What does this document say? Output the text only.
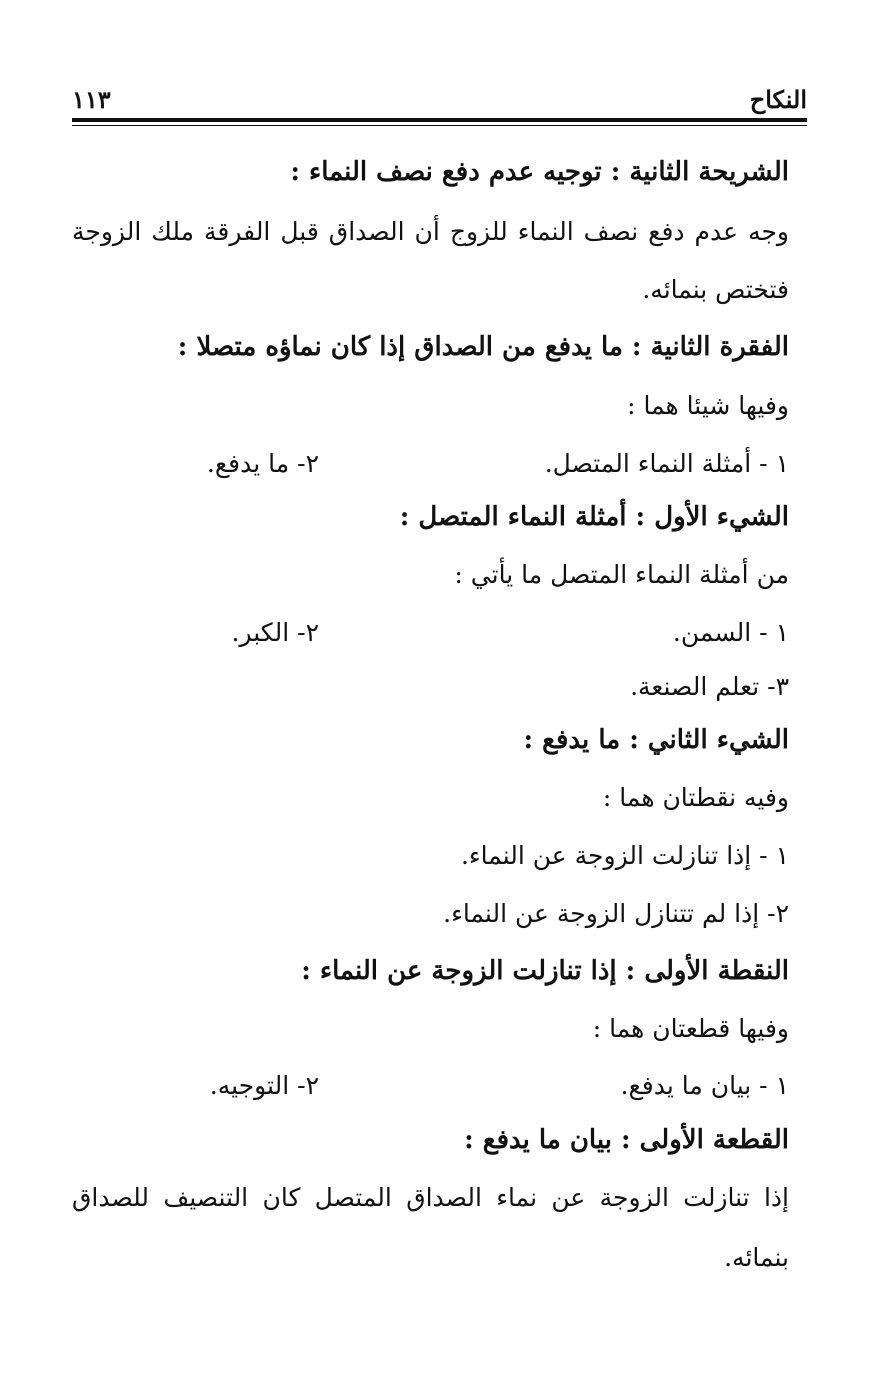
النكاح
١١٣
الشريحة الثانية : توجيه عدم دفع نصف النماء :
وجه عدم دفع نصف النماء للزوج أن الصداق قبل الفرقة ملك الزوجة
فتختص بنمائه.
الفقرة الثانية : ما يدفع من الصداق إذا كان نماؤه متصلا :
وفيها شيئا هما :
١ - أمثلة النماء المتصل.
٢- ما يدفع.
الشيء الأول : أمثلة النماء المتصل :
من أمثلة النماء المتصل ما يأتي :
١ - السمن.
٢- الكبر.
٣- تعلم الصنعة.
الشيء الثاني : ما يدفع :
وفيه نقطتان هما :
١ - إذا تنازلت الزوجة عن النماء.
٢- إذا لم تتنازل الزوجة عن النماء.
النقطة الأولى : إذا تنازلت الزوجة عن النماء :
وفيها قطعتان هما :
١ - بيان ما يدفع.
٢- التوجيه.
القطعة الأولى : بيان ما يدفع :
إذا تنازلت الزوجة عن نماء الصداق المتصل كان التنصيف للصداق
بنمائه.
